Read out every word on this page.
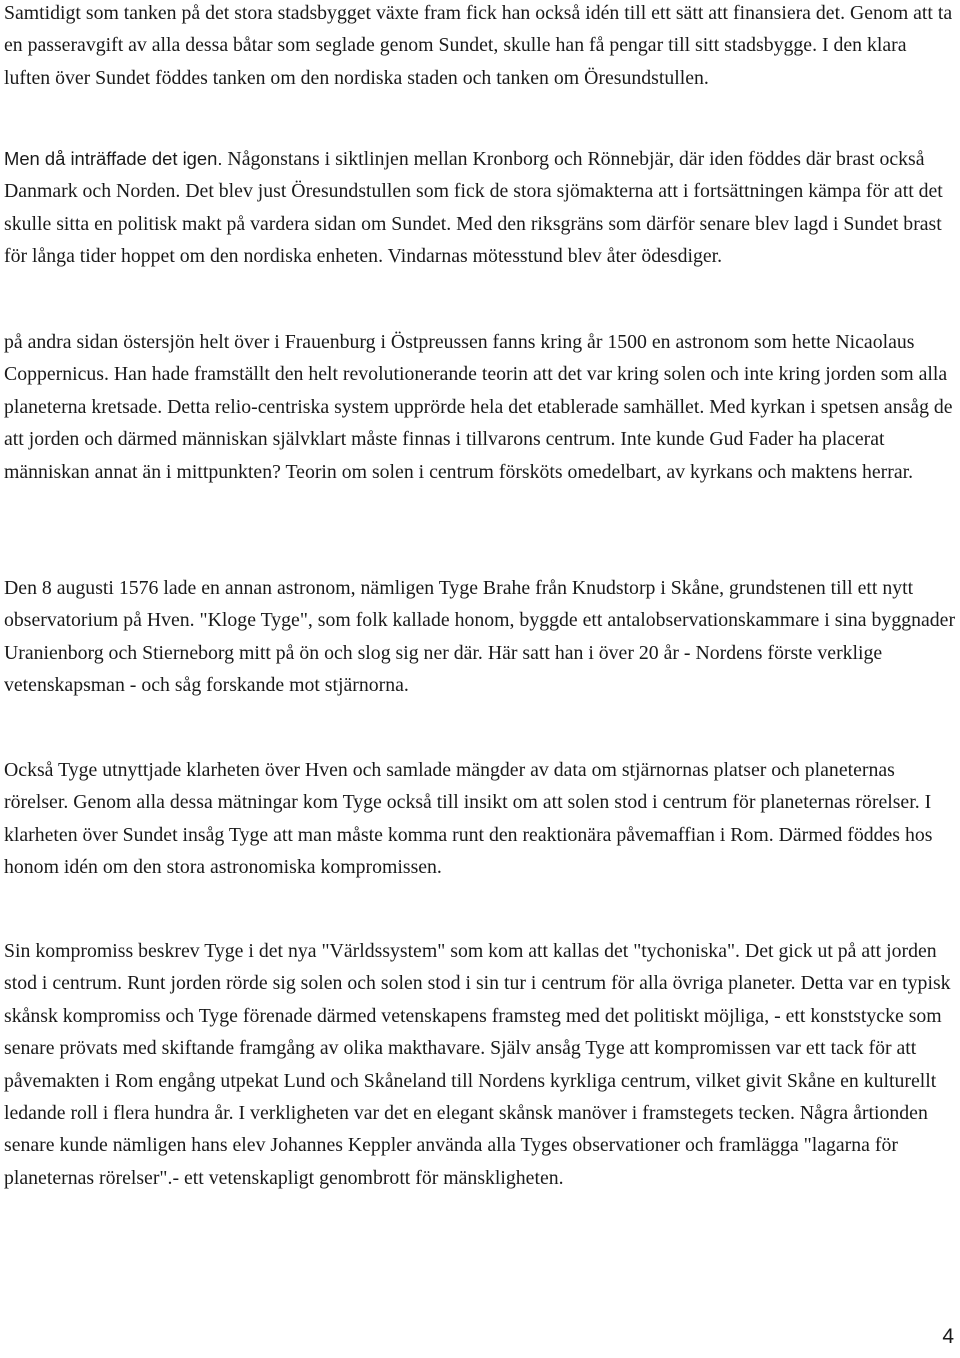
Samtidigt som tanken på det stora stadsbygget växte fram fick han också idén till ett sätt att finansiera det. Genom att ta en passeravgift av alla dessa båtar som seglade genom Sundet, skulle han få pengar till sitt stadsbygge. I den klara luften över Sundet föddes tanken om den nordiska staden och tanken om Öresundstullen.

Men då inträffade det igen. Någonstans i siktlinjen mellan Kronborg och Rönnebjär, där iden föddes där brast också Danmark och Norden. Det blev just Öresundstullen som fick de stora sjömakterna att i fortsättningen kämpa för att det skulle sitta en politisk makt på vardera sidan om Sundet. Med den riksgräns som därför senare blev lagd i Sundet brast för långa tider hoppet om den nordiska enheten. Vindarnas mötesstund blev åter ödesdiger.

på andra sidan östersjön helt över i Frauenburg i Östpreussen fanns kring år 1500 en astronom som hette Nicaolaus Coppernicus. Han hade framställt den helt revolutionerande teorin att det var kring solen och inte kring jorden som alla planeterna kretsade. Detta relio-centriska system upprörde hela det etablerade samhället. Med kyrkan i spetsen ansåg de att jorden och därmed människan självklart måste finnas i tillvarons centrum. Inte kunde Gud Fader ha placerat människan annat än i mittpunkten? Teorin om solen i centrum försköts omedelbart, av kyrkans och maktens herrar.

Den 8 augusti 1576 lade en annan astronom, nämligen Tyge Brahe från Knudstorp i Skåne, grundstenen till ett nytt observatorium på Hven. "Kloge Tyge", som folk kallade honom, byggde ett antalobservationskammare i sina byggnader Uranienborg och Stierneborg mitt på ön och slog sig ner där. Här satt han i över 20 år - Nordens förste verklige vetenskapsman - och såg forskande mot stjärnorna.

Också Tyge utnyttjade klarheten över Hven och samlade mängder av data om stjärnornas platser och planeternas rörelser. Genom alla dessa mätningar kom Tyge också till insikt om att solen stod i centrum för planeternas rörelser. I klarheten över Sundet insåg Tyge att man måste komma runt den reaktionära påvemaffian i Rom. Därmed föddes hos honom idén om den stora astronomiska kompromissen.

Sin kompromiss beskrev Tyge i det nya "Världssystem" som kom att kallas det "tychoniska". Det gick ut på att jorden stod i centrum. Runt jorden rörde sig solen och solen stod i sin tur i centrum för alla övriga planeter. Detta var en typisk skånsk kompromiss och Tyge förenade därmed vetenskapens framsteg med det politiskt möjliga, - ett konststycke som senare prövats med skiftande framgång av olika makthavare. Själv ansåg Tyge att kompromissen var ett tack för att påvemakten i Rom engång utpekat Lund och Skåneland till Nordens kyrkliga centrum, vilket givit Skåne en kulturellt ledande roll i flera hundra år. I verkligheten var det en elegant skånsk manöver i framstegets tecken. Några årtionden senare kunde nämligen hans elev Johannes Keppler använda alla Tyges observationer och framlägga "lagarna för planeternas rörelser".- ett vetenskapligt genombrott för mänskligheten.

4
